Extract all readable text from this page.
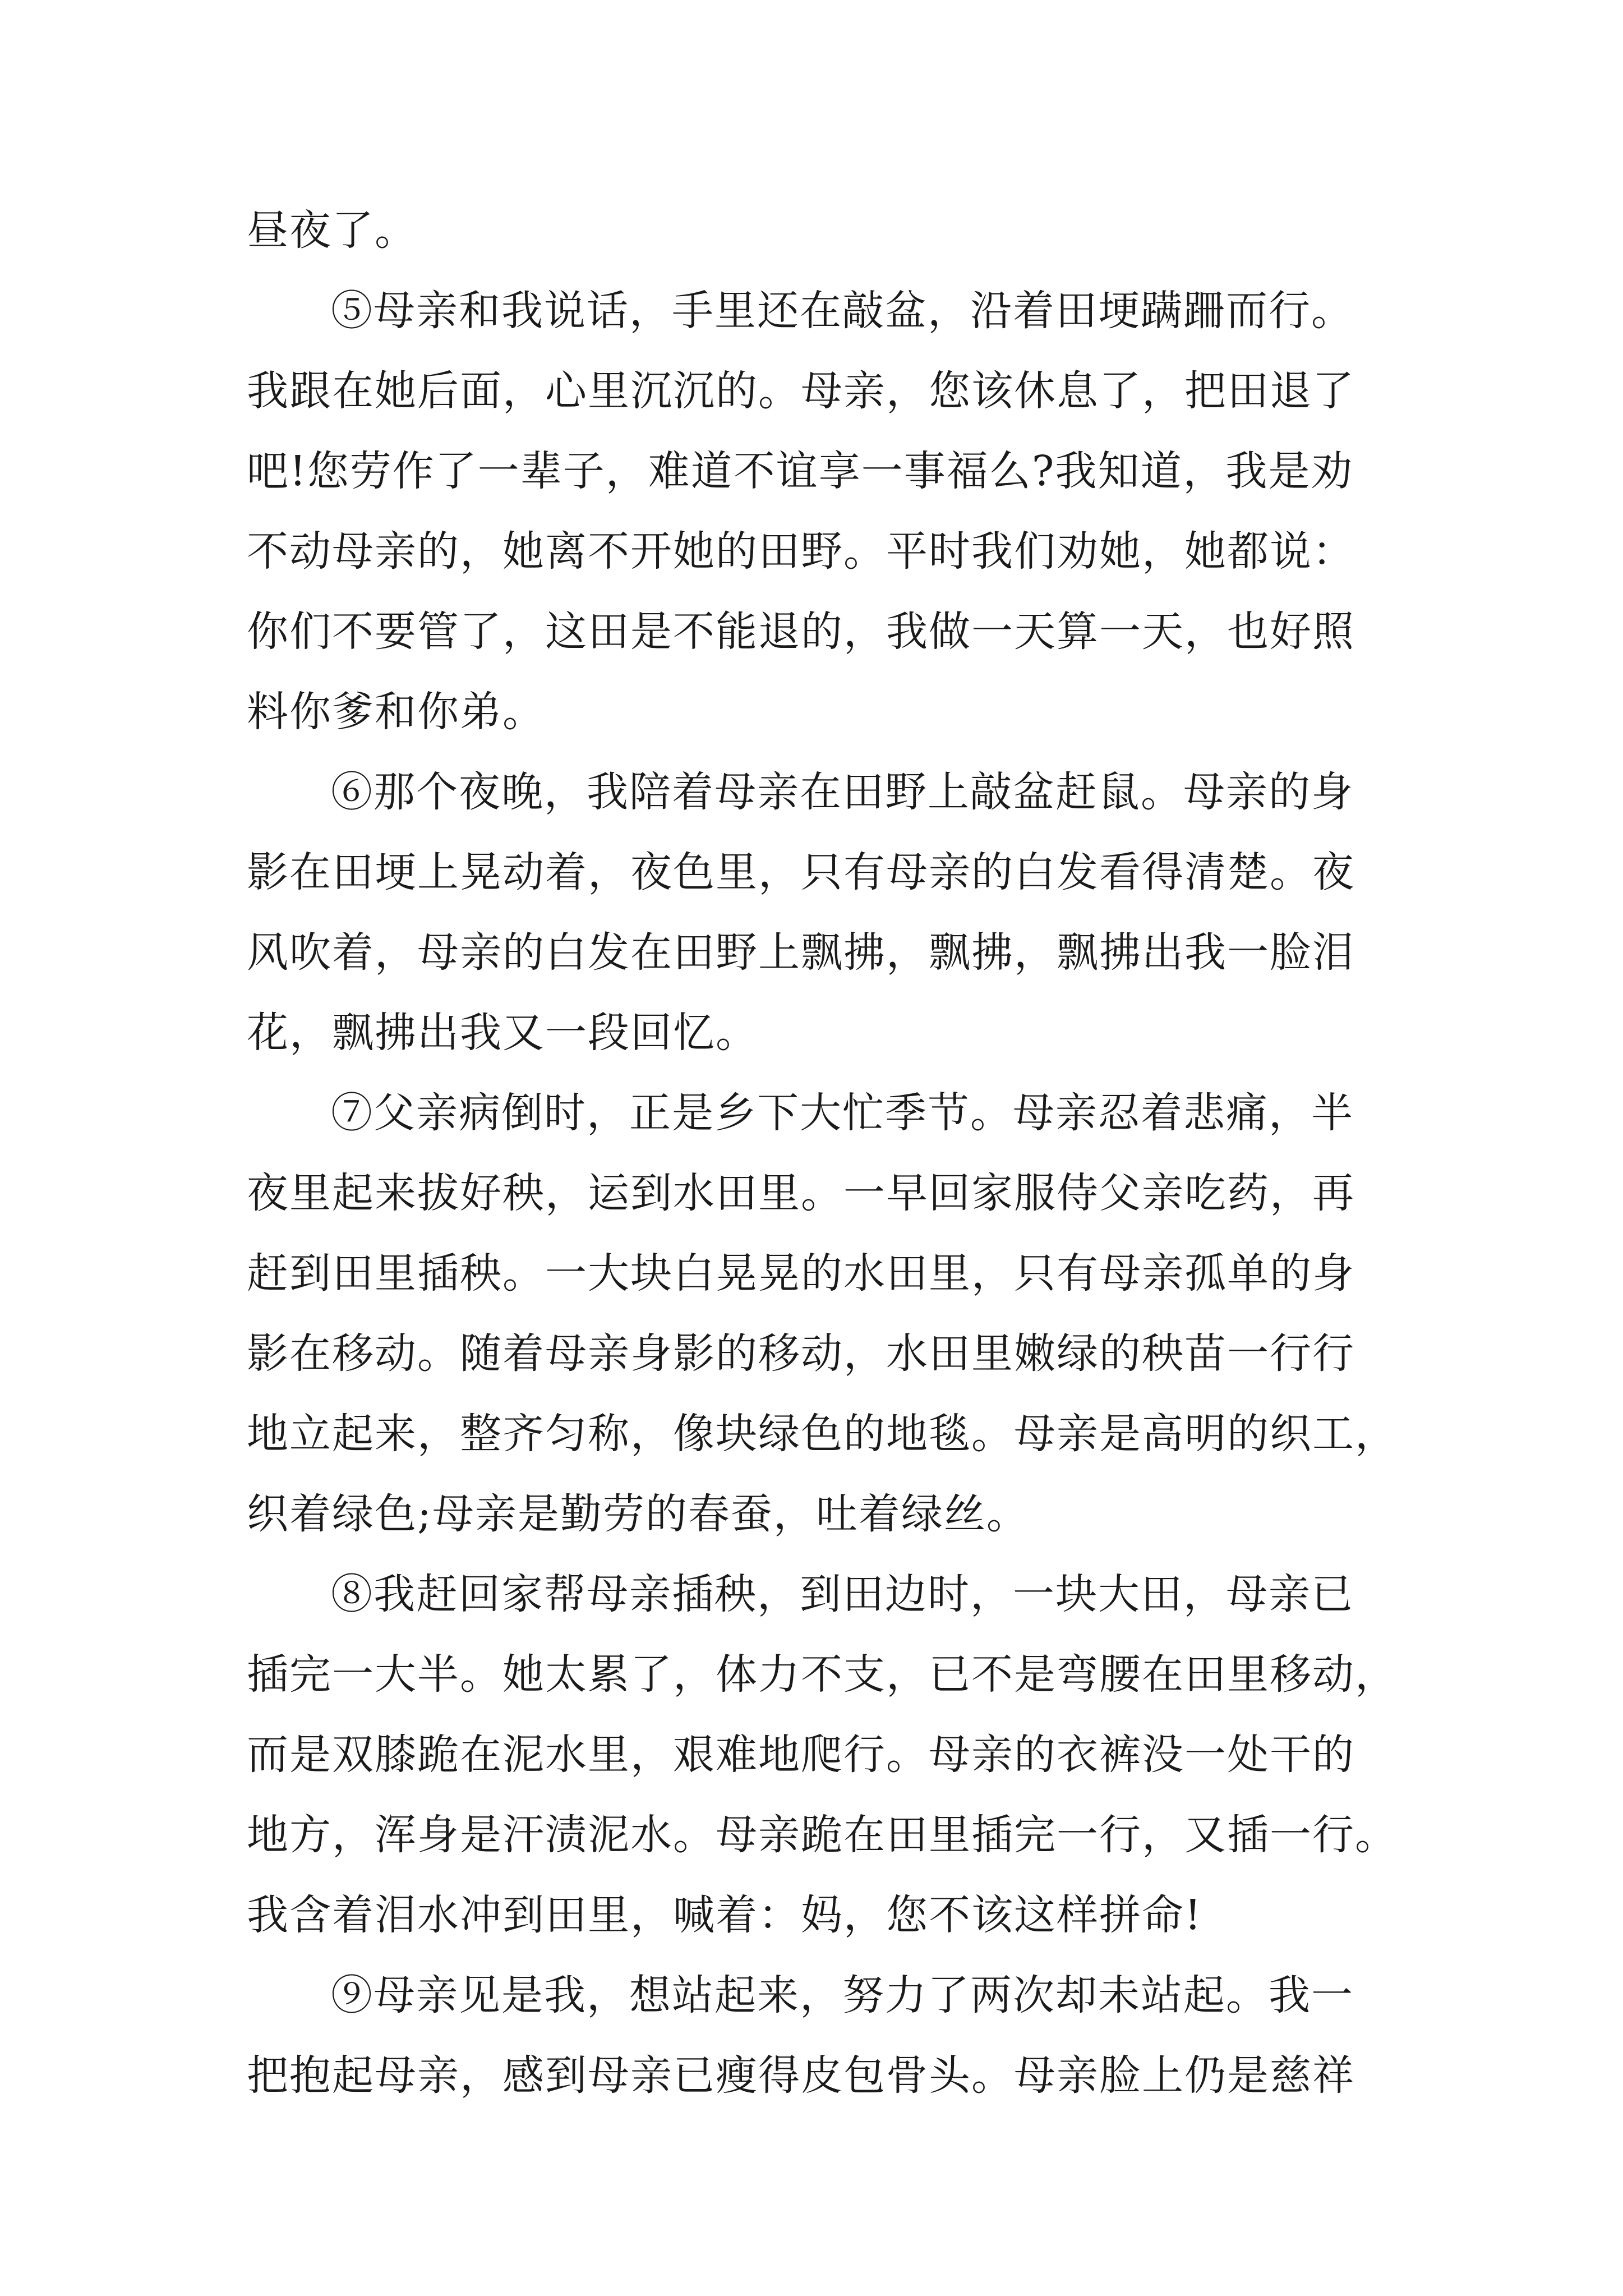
昼夜了。
⑤母亲和我说话，手里还在敲盆，沿着田埂蹒跚而行。
我跟在她后面，心里沉沉的。母亲，您该休息了，把田退了
吧!您劳作了一辈子，难道不谊享一事福么?我知道，我是劝
不动母亲的，她离不开她的田野。平时我们劝她，她都说：
你们不要管了，这田是不能退的，我做一天算一天，也好照
料你爹和你弟。
⑥那个夜晚，我陪着母亲在田野上敲盆赶鼠。母亲的身
影在田埂上晃动着，夜色里，只有母亲的白发看得清楚。夜
风吹着，母亲的白发在田野上飘拂，飘拂，飘拂出我一脸泪
花，飘拂出我又一段回忆。
⑦父亲病倒时，正是乡下大忙季节。母亲忍着悲痛，半
夜里起来拔好秧，运到水田里。一早回家服侍父亲吃药，再
赶到田里插秧。一大块白晃晃的水田里，只有母亲孤单的身
影在移动。随着母亲身影的移动，水田里嫩绿的秧苗一行行
地立起来，整齐匀称，像块绿色的地毯。母亲是高明的织工，
织着绿色;母亲是勤劳的春蚕，吐着绿丝。
⑧我赶回家帮母亲插秧，到田边时，一块大田，母亲已
插完一大半。她太累了，体力不支，已不是弯腰在田里移动，
而是双膝跪在泥水里，艰难地爬行。母亲的衣裤没一处干的
地方，浑身是汗渍泥水。母亲跪在田里插完一行，又插一行。
我含着泪水冲到田里，喊着：妈，您不该这样拼命!
⑨母亲见是我，想站起来，努力了两次却未站起。我一
把抱起母亲，感到母亲已瘦得皮包骨头。母亲脸上仍是慈祥
